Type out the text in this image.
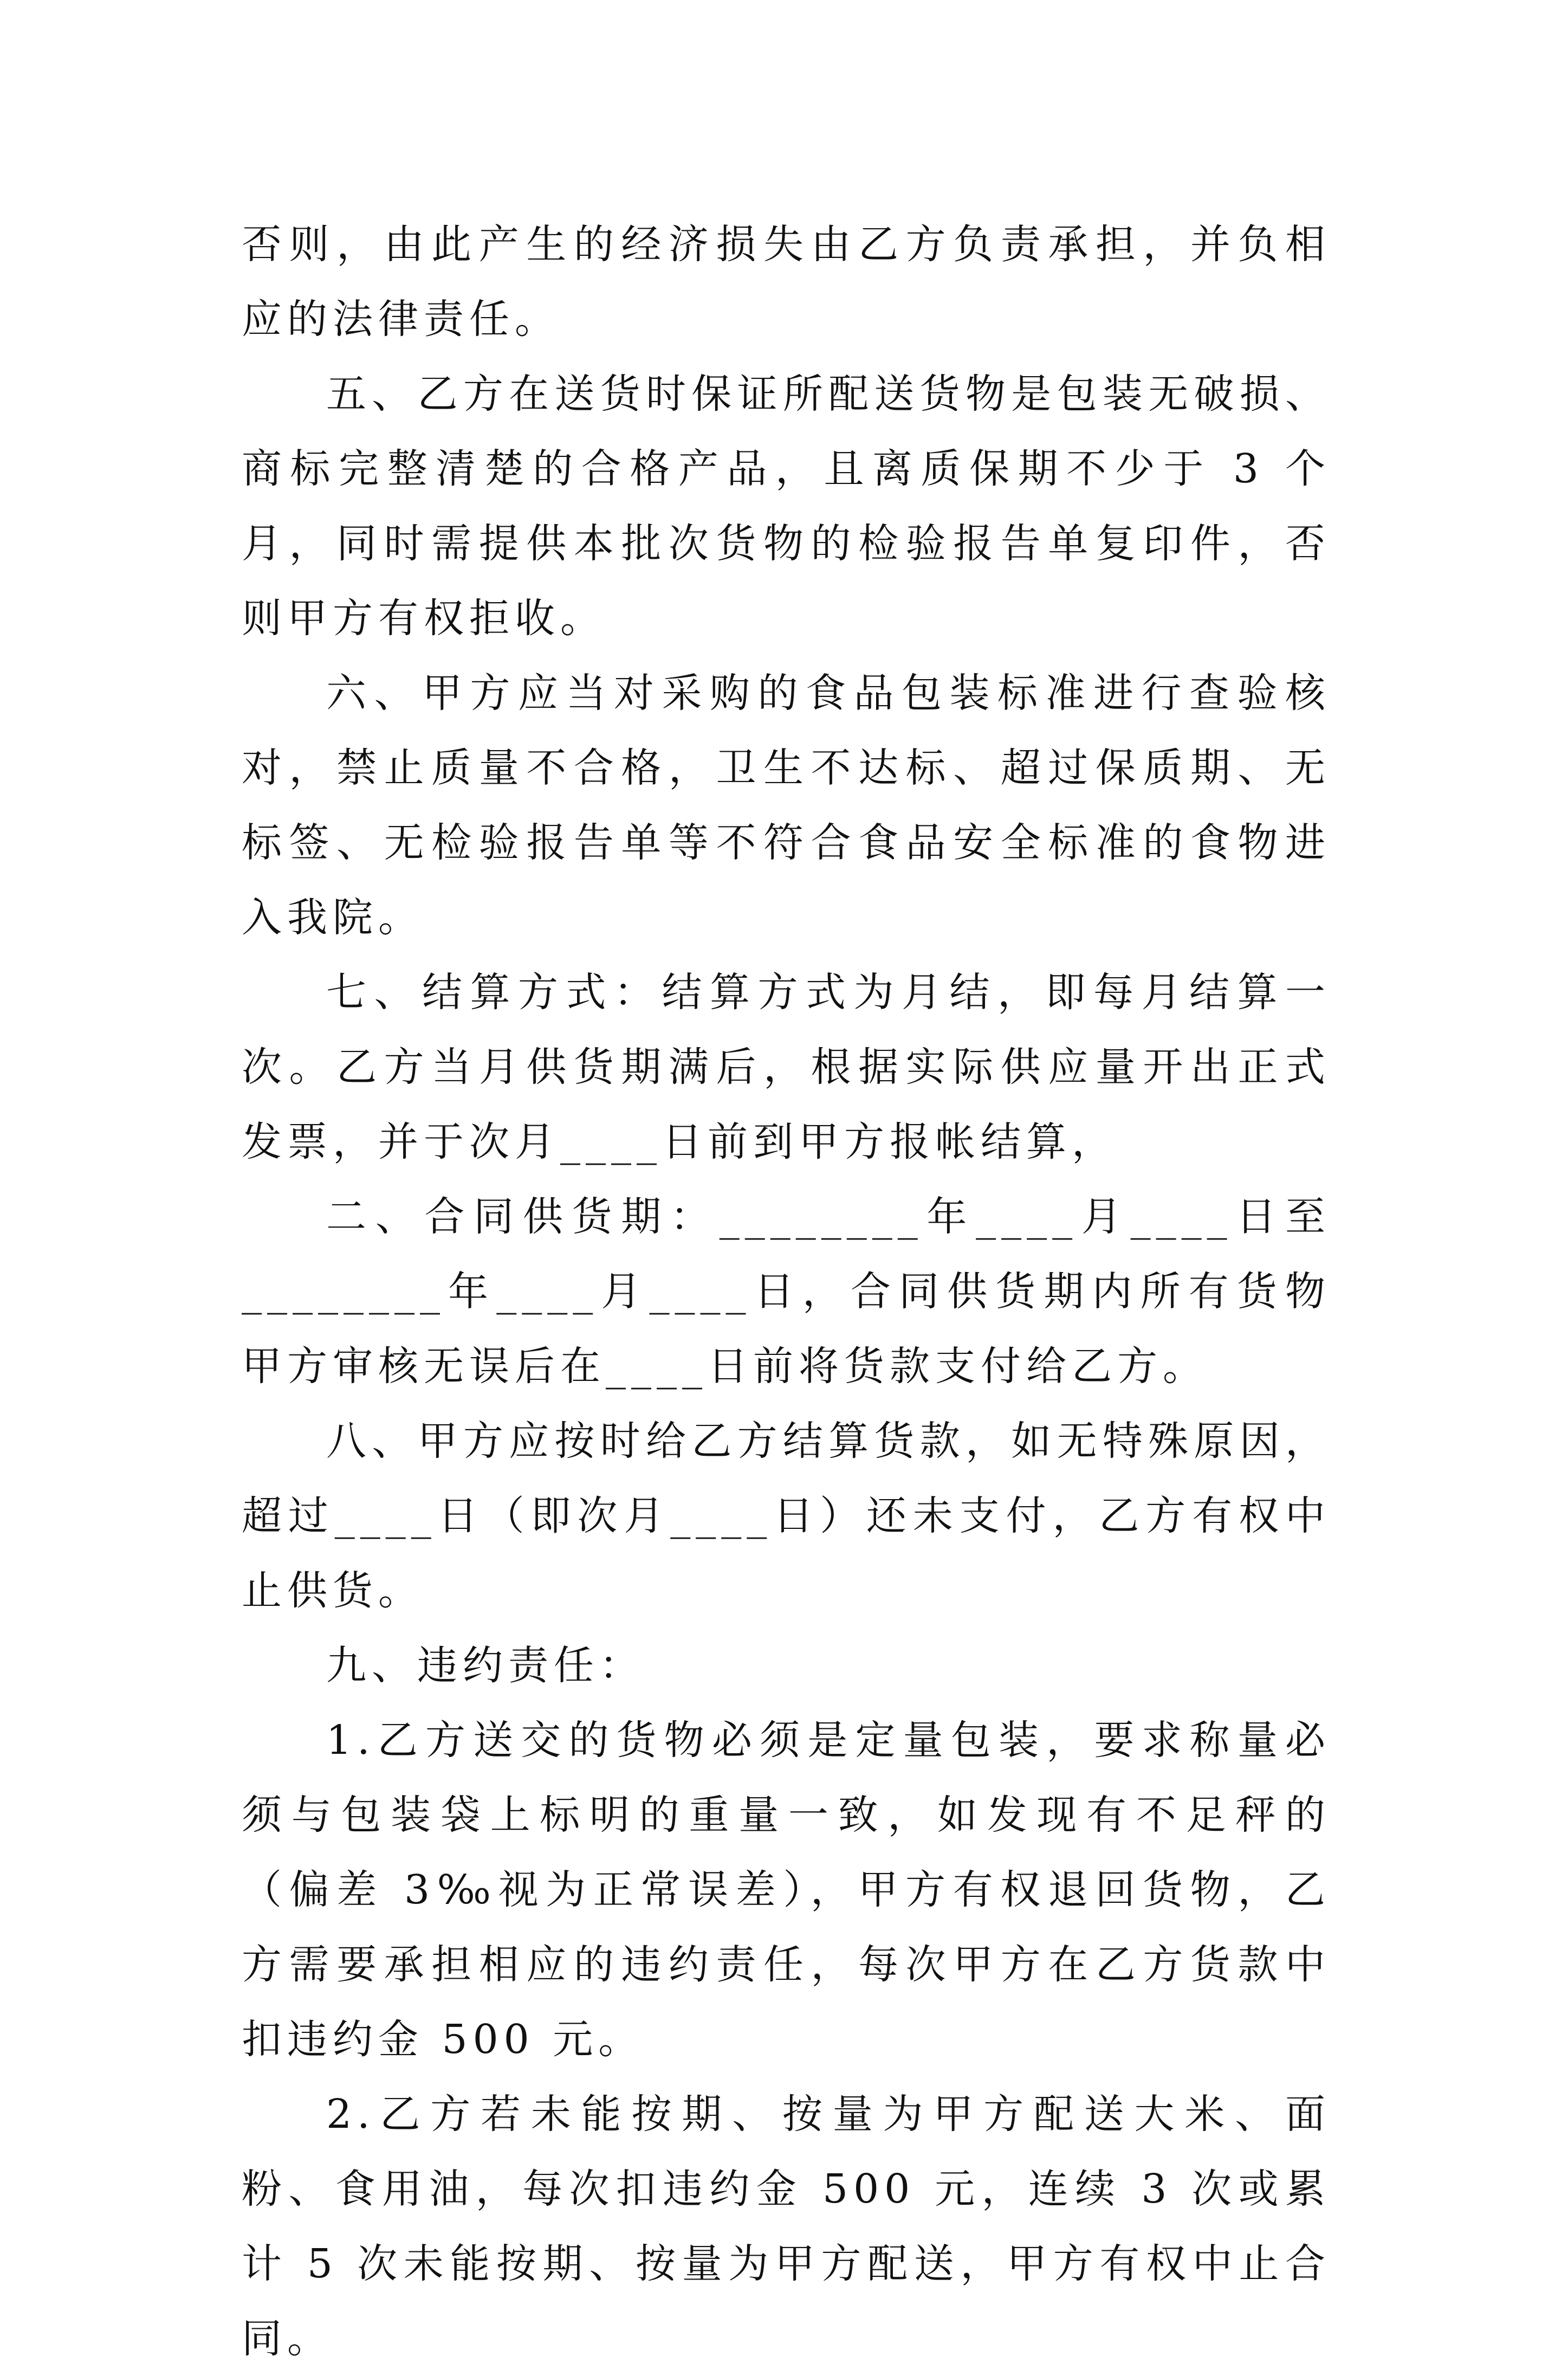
否则，由此产生的经济损失由乙方负责承担，并负相应的法律责任。

五、乙方在送货时保证所配送货物是包装无破损、商标完整清楚的合格产品，且离质保期不少于 3 个月，同时需提供本批次货物的检验报告单复印件，否则甲方有权拒收。

六、甲方应当对采购的食品包装标准进行查验核对，禁止质量不合格，卫生不达标、超过保质期、无标签、无检验报告单等不符合食品安全标准的食物进入我院。

七、结算方式：结算方式为月结，即每月结算一次。乙方当月供货期满后，根据实际供应量开出正式发票，并于次月____日前到甲方报帐结算，

二、合同供货期：________年____月____日至________年____月____日，合同供货期内所有货物甲方审核无误后在____日前将货款支付给乙方。

八、甲方应按时给乙方结算货款，如无特殊原因，超过____日（即次月____日）还未支付，乙方有权中止供货。

九、违约责任：

1.乙方送交的货物必须是定量包装，要求称量必须与包装袋上标明的重量一致，如发现有不足秤的（偏差 3‰视为正常误差），甲方有权退回货物，乙方需要承担相应的违约责任，每次甲方在乙方货款中扣违约金 500 元。

2.乙方若未能按期、按量为甲方配送大米、面粉、食用油，每次扣违约金 500 元，连续 3 次或累计 5 次未能按期、按量为甲方配送，甲方有权中止合同。
